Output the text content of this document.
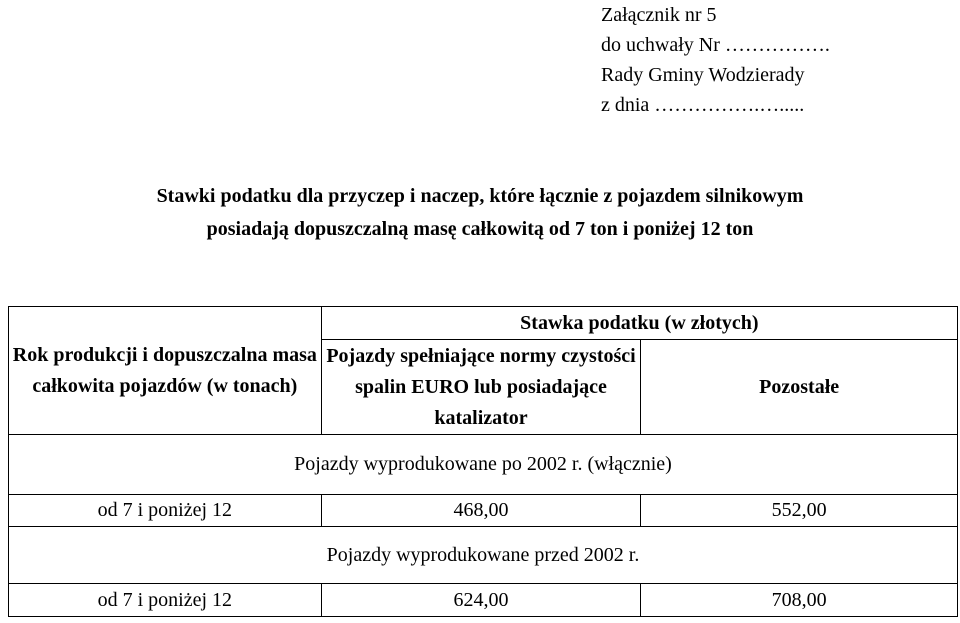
Załącznik nr 5
do uchwały Nr …………….
Rady Gminy Wodzierady
z dnia …………….….....
Stawki podatku dla przyczep i naczep, które łącznie z pojazdem silnikowym
posiadają dopuszczalną masę całkowitą od 7 ton i poniżej 12 ton
Rok produkcji i dopuszczalna masa całkowita pojazdów (w tonach)	Stawka podatku (w złotych)	
	Pojazdy spełniające normy czystości spalin EURO lub posiadające katalizator	Pozostałe
Pojazdy wyprodukowane po 2002 r. (włącznie)		
od 7 i poniżej 12	468,00	552,00
Pojazdy wyprodukowane przed 2002 r.		
od 7 i poniżej 12	624,00	708,00
